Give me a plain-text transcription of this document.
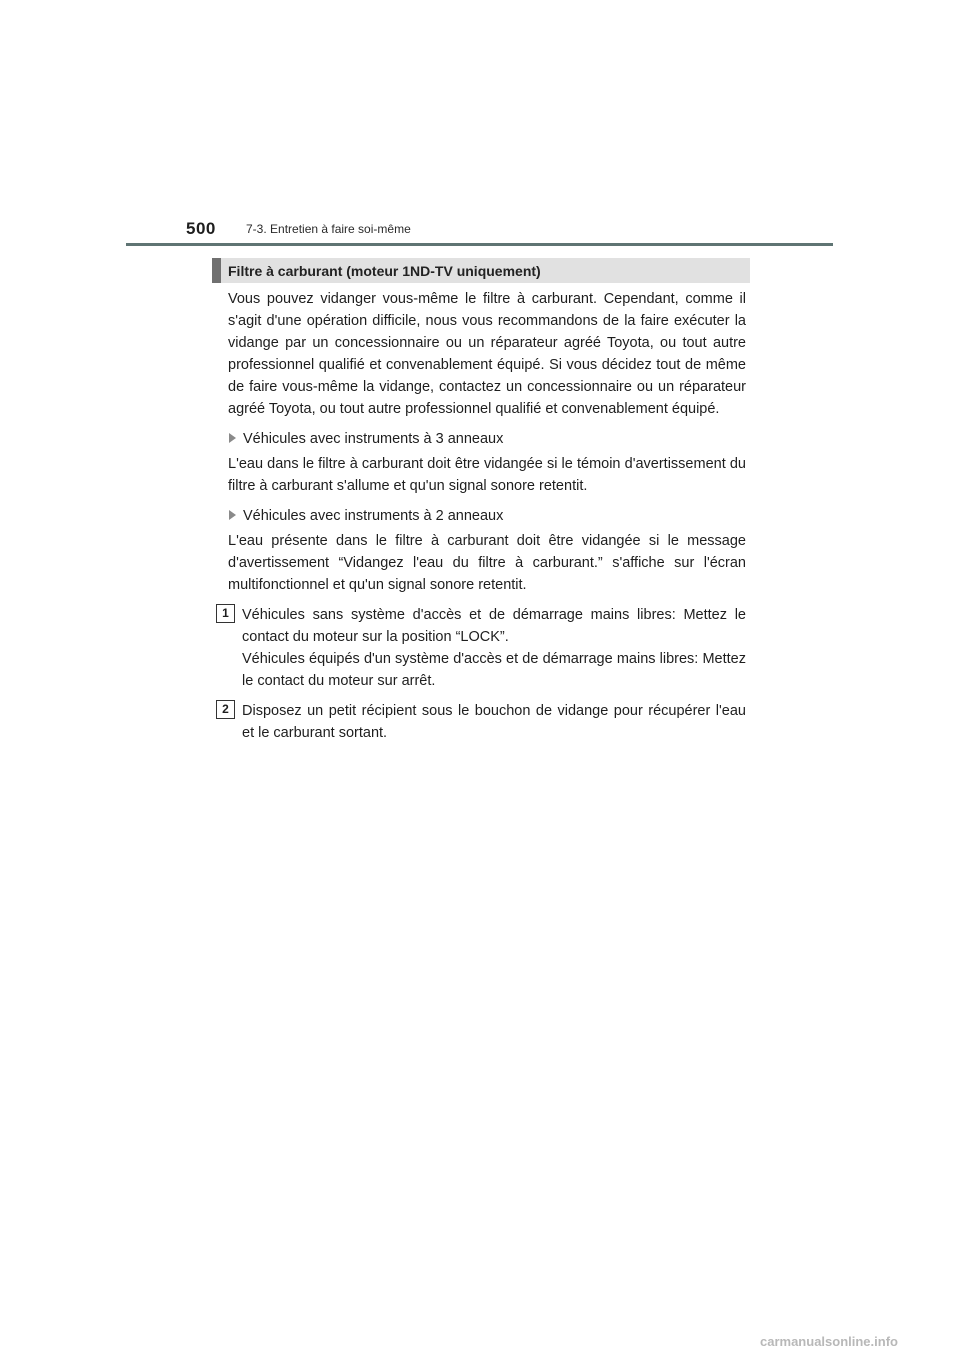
500	7-3. Entretien à faire soi-même
Filtre à carburant (moteur 1ND-TV uniquement)

Vous pouvez vidanger vous-même le filtre à carburant. Cependant, comme il s'agit d'une opération difficile, nous vous recommandons de la faire exécuter la vidange par un concessionnaire ou un réparateur agréé Toyota, ou tout autre professionnel qualifié et convenablement équipé. Si vous décidez tout de même de faire vous-même la vidange, contactez un concessionnaire ou un réparateur agréé Toyota, ou tout autre professionnel qualifié et convenablement équipé.

Véhicules avec instruments à 3 anneaux

L'eau dans le filtre à carburant doit être vidangée si le témoin d'avertissement du filtre à carburant s'allume et qu'un signal sonore retentit.

Véhicules avec instruments à 2 anneaux

L'eau présente dans le filtre à carburant doit être vidangée si le message d'avertissement “Vidangez l'eau du filtre à carburant.” s'affiche sur l'écran multifonctionnel et qu'un signal sonore retentit.

1 Véhicules sans système d'accès et de démarrage mains libres: Mettez le contact du moteur sur la position “LOCK”.

Véhicules équipés d'un système d'accès et de démarrage mains libres: Mettez le contact du moteur sur arrêt.

2 Disposez un petit récipient sous le bouchon de vidange pour récupérer l'eau et le carburant sortant.

carmanualsonline.info
